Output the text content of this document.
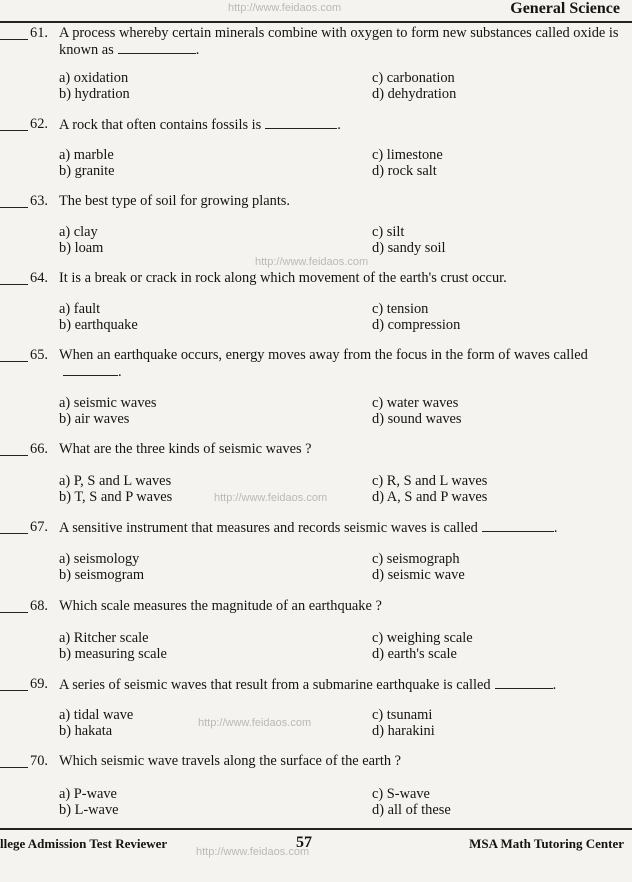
http://www.feidaos.com	General Science
61. A process whereby certain minerals combine with oxygen to form new substances called oxide is known as	.
a) oxidation
b) hydration
c) carbonation
d) dehydration
62. A rock that often contains fossils is	.
a) marble
b) granite
c) limestone
d) rock salt
63. The best type of soil for growing plants.
a) clay
b) loam
c) silt
d) sandy soil
64. It is a break or crack in rock along which movement of the earth's crust occur.
a) fault
b) earthquake
c) tension
d) compression
65. When an earthquake occurs, energy moves away from the focus in the form of waves called.
a) seismic waves
b) air waves
c) water waves
d) sound waves
66. What are the three kinds of seismic waves ?
a) P, S and L waves
b) T, S and P waves
c) R, S and L waves
d) A, S and P waves
67. A sensitive instrument that measures and records seismic waves is called	.
a) seismology
b) seismogram
c) seismograph
d) seismic wave
68. Which scale measures the magnitude of an earthquake ?
a) Ritcher scale
b) measuring scale
c) weighing scale
d) earth's scale
69. A series of seismic waves that result from a submarine earthquake is called	.
a) tidal wave
b) hakata
c) tsunami
d) harakini
70. Which seismic wave travels along the surface of the earth ?
a) P-wave
b) L-wave
c) S-wave
d) all of these
http://www.feidaos.com
http://www.feidaos.com
http://www.feidaos.com
http://www.feidaos.com
llege Admission Test Reviewer	57	MSA Math Tutoring Center
